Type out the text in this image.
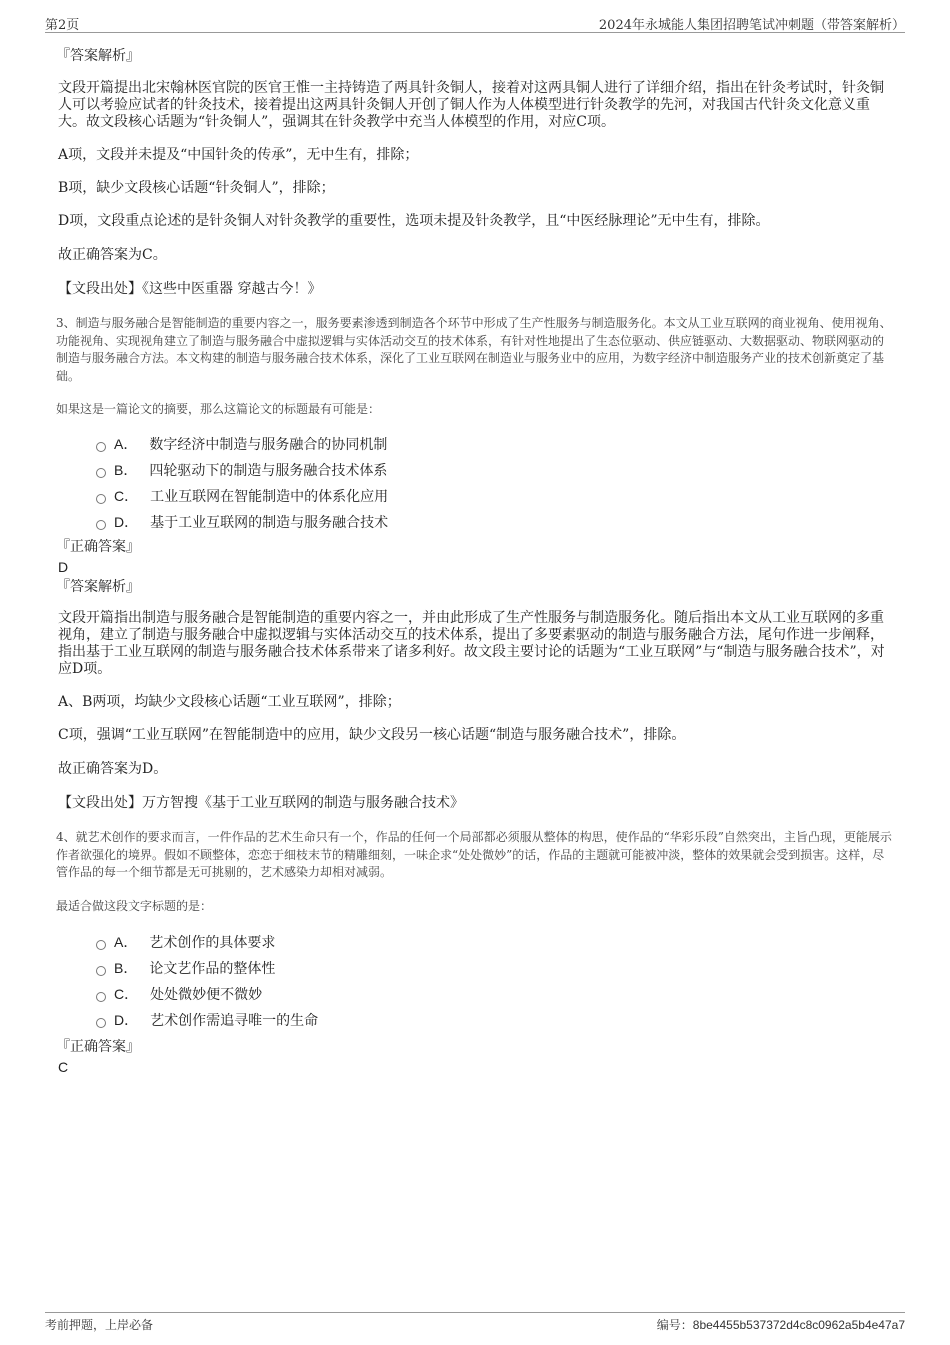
第2页	2024年永城能人集团招聘笔试冲刺题（带答案解析）

『答案解析』

文段开篇提出北宋翰林医官院的医官王惟一主持铸造了两具针灸铜人，接着对这两具铜人进行了详细介绍，指出在针灸考试时，针灸铜人可以考验应试者的针灸技术，接着提出这两具针灸铜人开创了铜人作为人体模型进行针灸教学的先河，对我国古代针灸文化意义重大。故文段核心话题为“针灸铜人”，强调其在针灸教学中充当人体模型的作用，对应C项。

A项，文段并未提及“中国针灸的传承”，无中生有，排除；

B项，缺少文段核心话题“针灸铜人”，排除；

D项，文段重点论述的是针灸铜人对针灸教学的重要性，选项未提及针灸教学，且“中医经脉理论”无中生有，排除。

故正确答案为C。

【文段出处】《这些中医重器 穿越古今！》

3、制造与服务融合是智能制造的重要内容之一，服务要素渗透到制造各个环节中形成了生产性服务与制造服务化。本文从工业互联网的商业视角、使用视角、功能视角、实现视角建立了制造与服务融合中虚拟逻辑与实体活动交互的技术体系，有针对性地提出了生态位驱动、供应链驱动、大数据驱动、物联网驱动的制造与服务融合方法。本文构建的制造与服务融合技术体系，深化了工业互联网在制造业与服务业中的应用，为数字经济中制造服务产业的技术创新奠定了基础。

如果这是一篇论文的摘要，那么这篇论文的标题最有可能是：

A． 数字经济中制造与服务融合的协同机制
B． 四轮驱动下的制造与服务融合技术体系
C． 工业互联网在智能制造中的体系化应用
D． 基于工业互联网的制造与服务融合技术

『正确答案』

D

『答案解析』

文段开篇指出制造与服务融合是智能制造的重要内容之一，并由此形成了生产性服务与制造服务化。随后指出本文从工业互联网的多重视角，建立了制造与服务融合中虚拟逻辑与实体活动交互的技术体系，提出了多要素驱动的制造与服务融合方法，尾句作进一步阐释，指出基于工业互联网的制造与服务融合技术体系带来了诸多利好。故文段主要讨论的话题为“工业互联网”与“制造与服务融合技术”，对应D项。

A、B两项，均缺少文段核心话题“工业互联网”，排除；

C项，强调“工业互联网”在智能制造中的应用，缺少文段另一核心话题“制造与服务融合技术”，排除。

故正确答案为D。

【文段出处】万方智搜《基于工业互联网的制造与服务融合技术》

4、就艺术创作的要求而言，一件作品的艺术生命只有一个，作品的任何一个局部都必须服从整体的构思，使作品的“华彩乐段”自然突出，主旨凸现，更能展示作者欲强化的境界。假如不顾整体，恋恋于细枝末节的精雕细刻，一味企求“处处微妙”的话，作品的主题就可能被冲淡，整体的效果就会受到损害。这样，尽管作品的每一个细节都是无可挑剔的，艺术感染力却相对减弱。

最适合做这段文字标题的是：

A． 艺术创作的具体要求
B． 论文艺作品的整体性
C． 处处微妙便不微妙
D． 艺术创作需追寻唯一的生命

『正确答案』

C

考前押题，上岸必备	编号：8be4455b537372d4c8c0962a5b4e47a7
